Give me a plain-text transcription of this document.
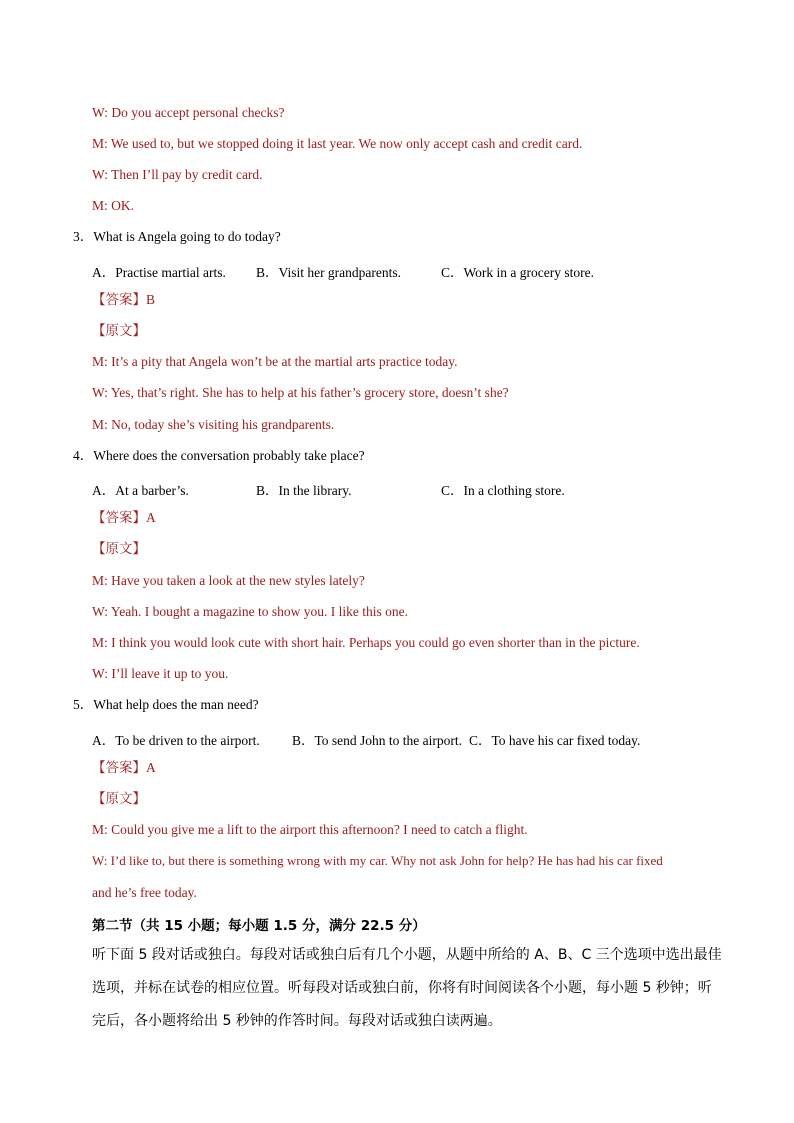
W: Do you accept personal checks?
M: We used to, but we stopped doing it last year. We now only accept cash and credit card.
W: Then I’ll pay by credit card.
M: OK.
3．What is Angela going to do today?
A．Practise martial arts. B．Visit her grandparents.	C．Work in a grocery store.
【答案】B
【原文】
M: It’s a pity that Angela won’t be at the martial arts practice today.
W: Yes, that’s right. She has to help at his father’s grocery store, doesn’t she?
M: No, today she’s visiting his grandparents.
4．Where does the conversation probably take place?
A．At a barber’s.	B．In the library.	C．In a clothing store.
【答案】A
【原文】
M: Have you taken a look at the new styles lately?
W: Yeah. I bought a magazine to show you. I like this one.
M: I think you would look cute with short hair. Perhaps you could go even shorter than in the picture.
W: I’ll leave it up to you.
5．What help does the man need?
A．To be driven to the airport. B．To send John to the airport. C．To have his car fixed today.
【答案】A
【原文】
M: Could you give me a lift to the airport this afternoon? I need to catch a flight.
W: I’d like to, but there is something wrong with my car. Why not ask John for help? He has had his car fixed
and he’s free today.
第二节（共 15 小题；每小题 1.5 分，满分 22.5 分）
听下面 5 段对话或独白。每段对话或独白后有几个小题，从题中所给的 A、B、C 三个选项中选出最佳
选项，并标在试卷的相应位置。听每段对话或独白前，你将有时间阅读各个小题，每小题 5 秒钟；听
完后，各小题将给出 5 秒钟的作答时间。每段对话或独白读两遍。
